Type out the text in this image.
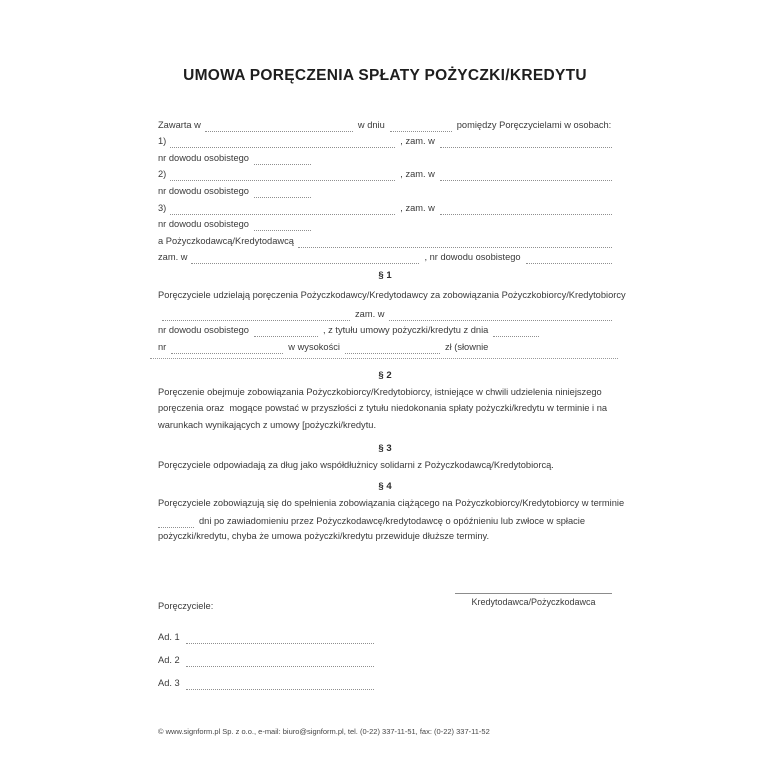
UMOWA PORĘCZENIA SPŁATY POŻYCZKI/KREDYTU
Zawarta w	w dniu	pomiędzy Poręczycielami w osobach:
1)	, zam. w
nr dowodu osobistego
2)	, zam. w
nr dowodu osobistego
3)	, zam. w
nr dowodu osobistego
a Pożyczkodawcą/Kredytodawcą
zam. w	, nr dowodu osobistego
§ 1
Poręczyciele udzielają poręczenia Pożyczkodawcy/Kredytodawcy za zobowiązania Pożyczkobiorcy/Kredytobiorcy
zam. w
nr dowodu osobistego	, z tytułu umowy pożyczki/kredytu z dnia
nr	w wysokości	zł (słownie
§ 2
Poręczenie obejmuje zobowiązania Pożyczkobiorcy/Kredytobiorcy, istniejące w chwili udzielenia niniejszego
poręczenia oraz  mogące powstać w przyszłości z tytułu niedokonania spłaty pożyczki/kredytu w terminie i na
warunkach wynikających z umowy [pożyczki/kredytu.
§ 3
Poręczyciele odpowiadają za dług jako współdłużnicy solidarni z Pożyczkodawcą/Kredytobiorcą.
§ 4
Poręczyciele zobowiązują się do spełnienia zobowiązania ciążącego na Pożyczkobiorcy/Kredytobiorcy w terminie
dni po zawiadomieniu przez Pożyczkodawcę/kredytodawcę o opóźnieniu lub zwłoce w spłacie
pożyczki/kredytu, chyba że umowa pożyczki/kredytu przewiduje dłuższe terminy.
Poręczyciele:	Kredytodawca/Pożyczkodawca
Ad. 1
Ad. 2
Ad. 3
© www.signform.pl Sp. z o.o., e-mail: biuro@signform.pl, tel. (0-22) 337-11-51, fax: (0-22) 337-11-52
